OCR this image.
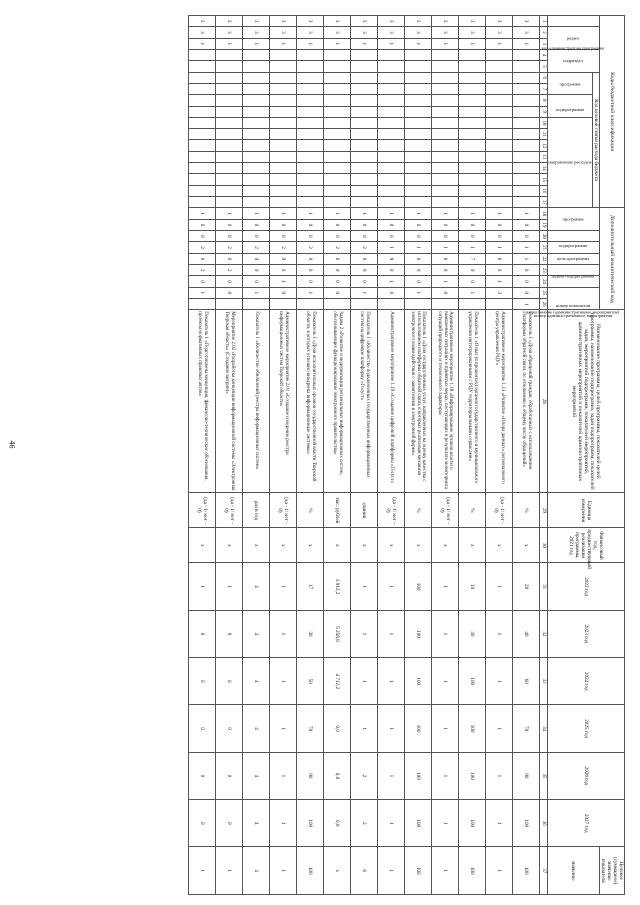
46
Коды бюджетной классификации																	Дополнительный аналитический код									Наименование программы, целей программы, показателей целей программы, наименование подпрограмм, задач подпрограмм, показателей задач, мероприятий подпрограмм, показателей мероприятий, административных мероприятий и показателей административных мероприятий	Единица измерения	Финансовый год, предшествующий реализации программы, 2021 год	2022 год	2023 год	2024 год	2025 год	2026 год	2027 год	Целевое (суммарное) значение показателя
код администратора программы	раздел		подраздел		Код целевой статьи расхода бюджета												программа		подпрограмма	цель программы	задача подпрограммы	мероприятие (административное мероприятие)	номер административного мероприятия	номер показателя											значение
					программа		подпрограмма		направление расходов																										
1	2	3	4	5	6	7	8	9	10	11	12	13	14	15	16	17	18	19	20	21	22	23	24	25	26	28	29	30	31	32	33	34	35	36	37
3	3	1															1	0	0	1	1	0	0	0	1	Показатель 1 «Доля обращений граждан, обработанных с использованием Платформы обратной связи, по отношению к общему числу обращений»	%	х	20	40	60	70	90	100	100
3	3	1															1	0	0	1	6	0	1	3		Административное мероприятие 1.13 «Развитие «Опора данных» регионального центра управления РЦУ»	(да - 1/ нет - 0)	х	1	1	1	1	1	1	1
3	3	1															1	0	0	1	7	0	0	1		Показатель 1 «Охват (в процентах) органов государственного и муниципального управления интегрированными с РЦУ территориальными сервисами»	%	х	10	30	100	100	100	100	100
3	3	1															1	0	0	1	8	0	1	0		Административное мероприятие 1.18 «Информирование органов власти о выявленных ситуациях и принятых мерах, поступающих в результате мониторинга ситуаций природного и техногенного характера»	(да - 1/ нет - 0)	х	1	1	1	1	1	1	1
3	3	1															1	0	0	1	8	0	0	1		Показатель 1 «Доля государственных услуг, направленных на оценку качества с использованием платформы обратной связи, в которых реализован механизм электронного взаимодействия с заявителями в электронной форме»	%	х	100	100	100	100	100	100	100
3	3	1															1	0	0	1	9	0	1	0		Административное мероприятие 1.19 «Создание цифровой платформы «Госуст»	(да - 1/ нет - 0)	х	1	1	1	1	1	1	1
3	3	1															1	0	0	2	0	0	0	1		Показатель 1 «Количество подключенных государственных информационных систем на цифровую платформу «Госуст»	единиц	х	1	1	1	1	2	2	6
3	3	1															1	0	0	2	0	0	0	0		Задача 2 «Развитие и модернизация региональных информационных систем, обеспечивающих функционирование электронного правительства»	тыс. рублей	х	3 912,2	5 258,8	4 712,2	0,0	0,0	0,0	х
3	3	1															1	0	0	2	0	0	0	1		Показатель 1 «Доля исполнительных органов государственной власти Тверской области, в которых успешно внедрены информационные системы»	%	х	17	30	50	70	90	100	100
3	3	1															1	0	0	2	0	0	1	0		Административное мероприятие 2.01 «Создание и ведение реестра информационных систем Тверской области»	(да - 1/ нет - 0)	х	1	1	1	1	1	1	1
3	3	1															1	0	0	2	0	0	0	1		Показатель 1 «Количество обновлений реестра информационных систем»	раз в год	х	4	4	4	4	4	4	4
3	3	1															1	0	0	2	0	2	0	0		Мероприятие 2.02 «Разработка концепции информационной системы «Электронная Тверская область» (Создание витрин)»	(да - 1/ нет - 0)	х	1	0	0	0	0	0	1
3	3	1															1	0	0	2	0	2	0	1		Показатель 1 «Подготовлены концепция, финансово-технические обоснования, проекты нормативных правовых актов»	(да - 1/ нет - 0)	х	1	0	0	0	0	0	1
